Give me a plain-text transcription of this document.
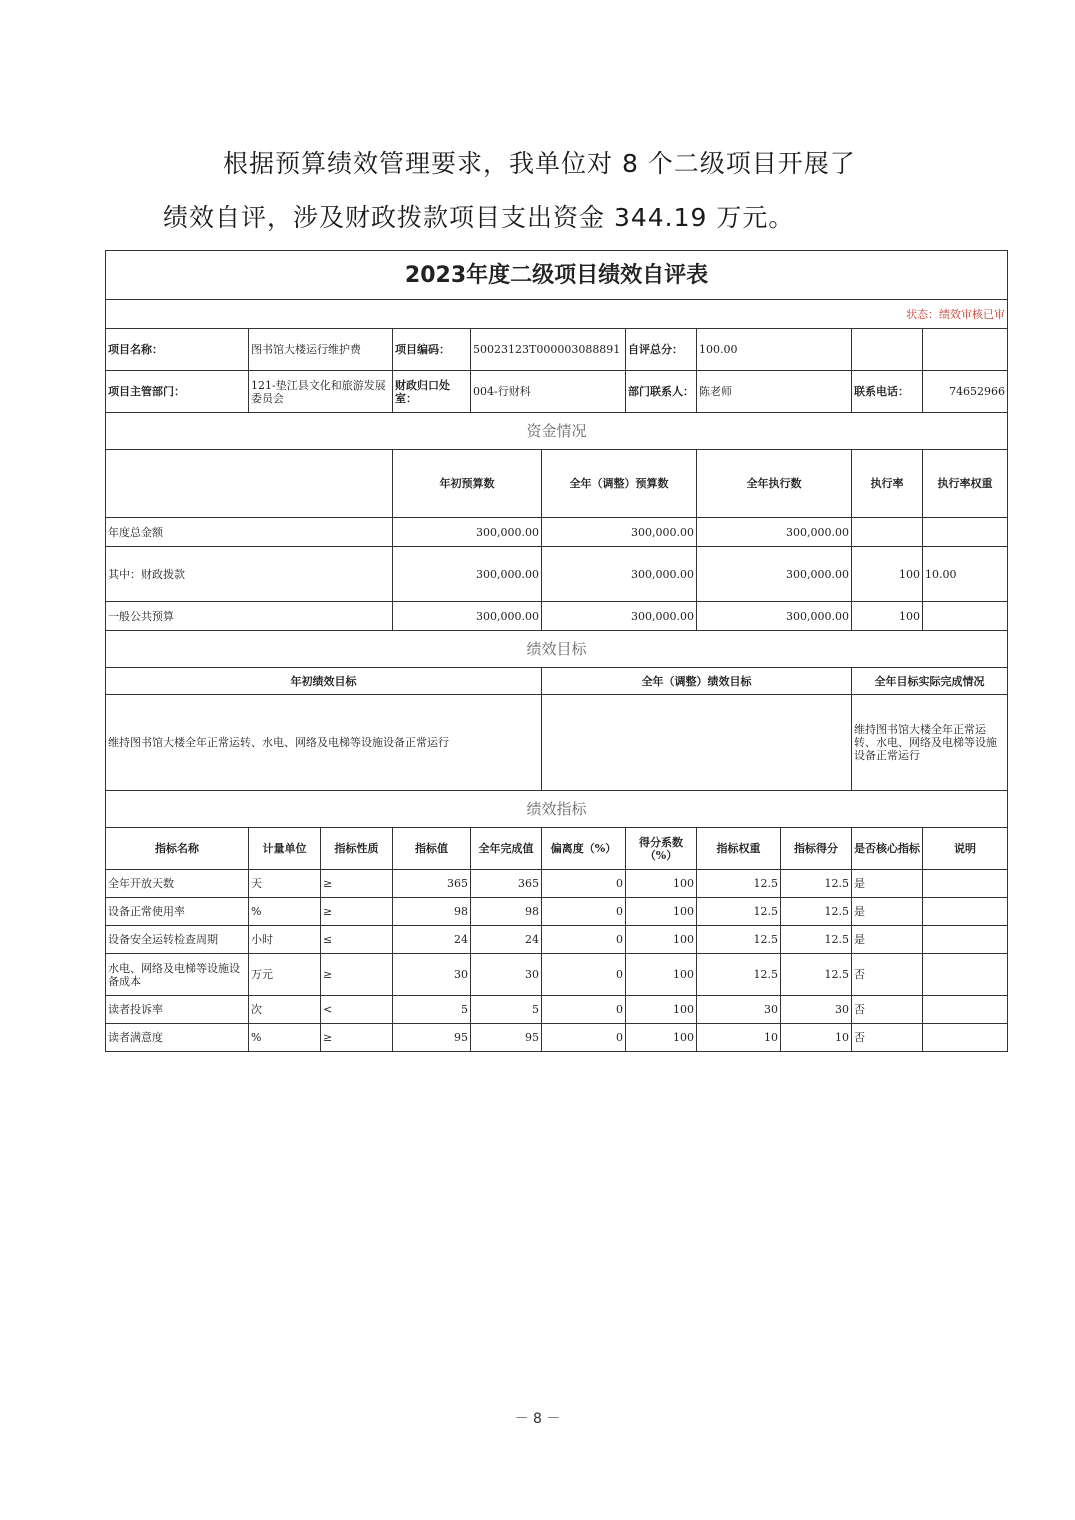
根据预算绩效管理要求，我单位对 8 个二级项目开展了

绩效自评，涉及财政拨款项目支出资金 344.19 万元。

2023年度二级项目绩效自评表											
状态：绩效审核已审											
项目名称：	图书馆大楼运行维护费		项目编码：	50023123T000003088891		自评总分：	100.00				
项目主管部门：	121-垫江县文化和旅游发展委员会		财政归口处室：	004-行财科		部门联系人：	陈老师		联系电话：	74652966	
资金情况											
			年初预算数		全年（调整）预算数		全年执行数		执行率	执行率权重	
年度总金额			300,000.00		300,000.00		300,000.00				
其中：财政拨款			300,000.00		300,000.00		300,000.00		100	10.00	
一般公共预算			300,000.00		300,000.00		300,000.00		100		
绩效目标											
年初绩效目标					全年（调整）绩效目标				全年目标实际完成情况		
维持图书馆大楼全年正常运转、水电、网络及电梯等设施设备正常运行									维持图书馆大楼全年正常运转、水电、网络及电梯等设施设备正常运行		
绩效指标											
指标名称	计量单位	指标性质	指标值	全年完成值	偏离度（%）	得分系数（%）	指标权重	指标得分	是否核心指标	说明	
全年开放天数	天	≥	365	365	0	100	12.5	12.5	是		
设备正常使用率	%	≥	98	98	0	100	12.5	12.5	是		
设备安全运转检查周期	小时	≤	24	24	0	100	12.5	12.5	是		
水电、网络及电梯等设施设备成本	万元	≥	30	30	0	100	12.5	12.5	否		
读者投诉率	次	<	5	5	0	100	30	30	否		
读者满意度	%	≥	95	95	0	100	10	10	否		
－ 8 －
